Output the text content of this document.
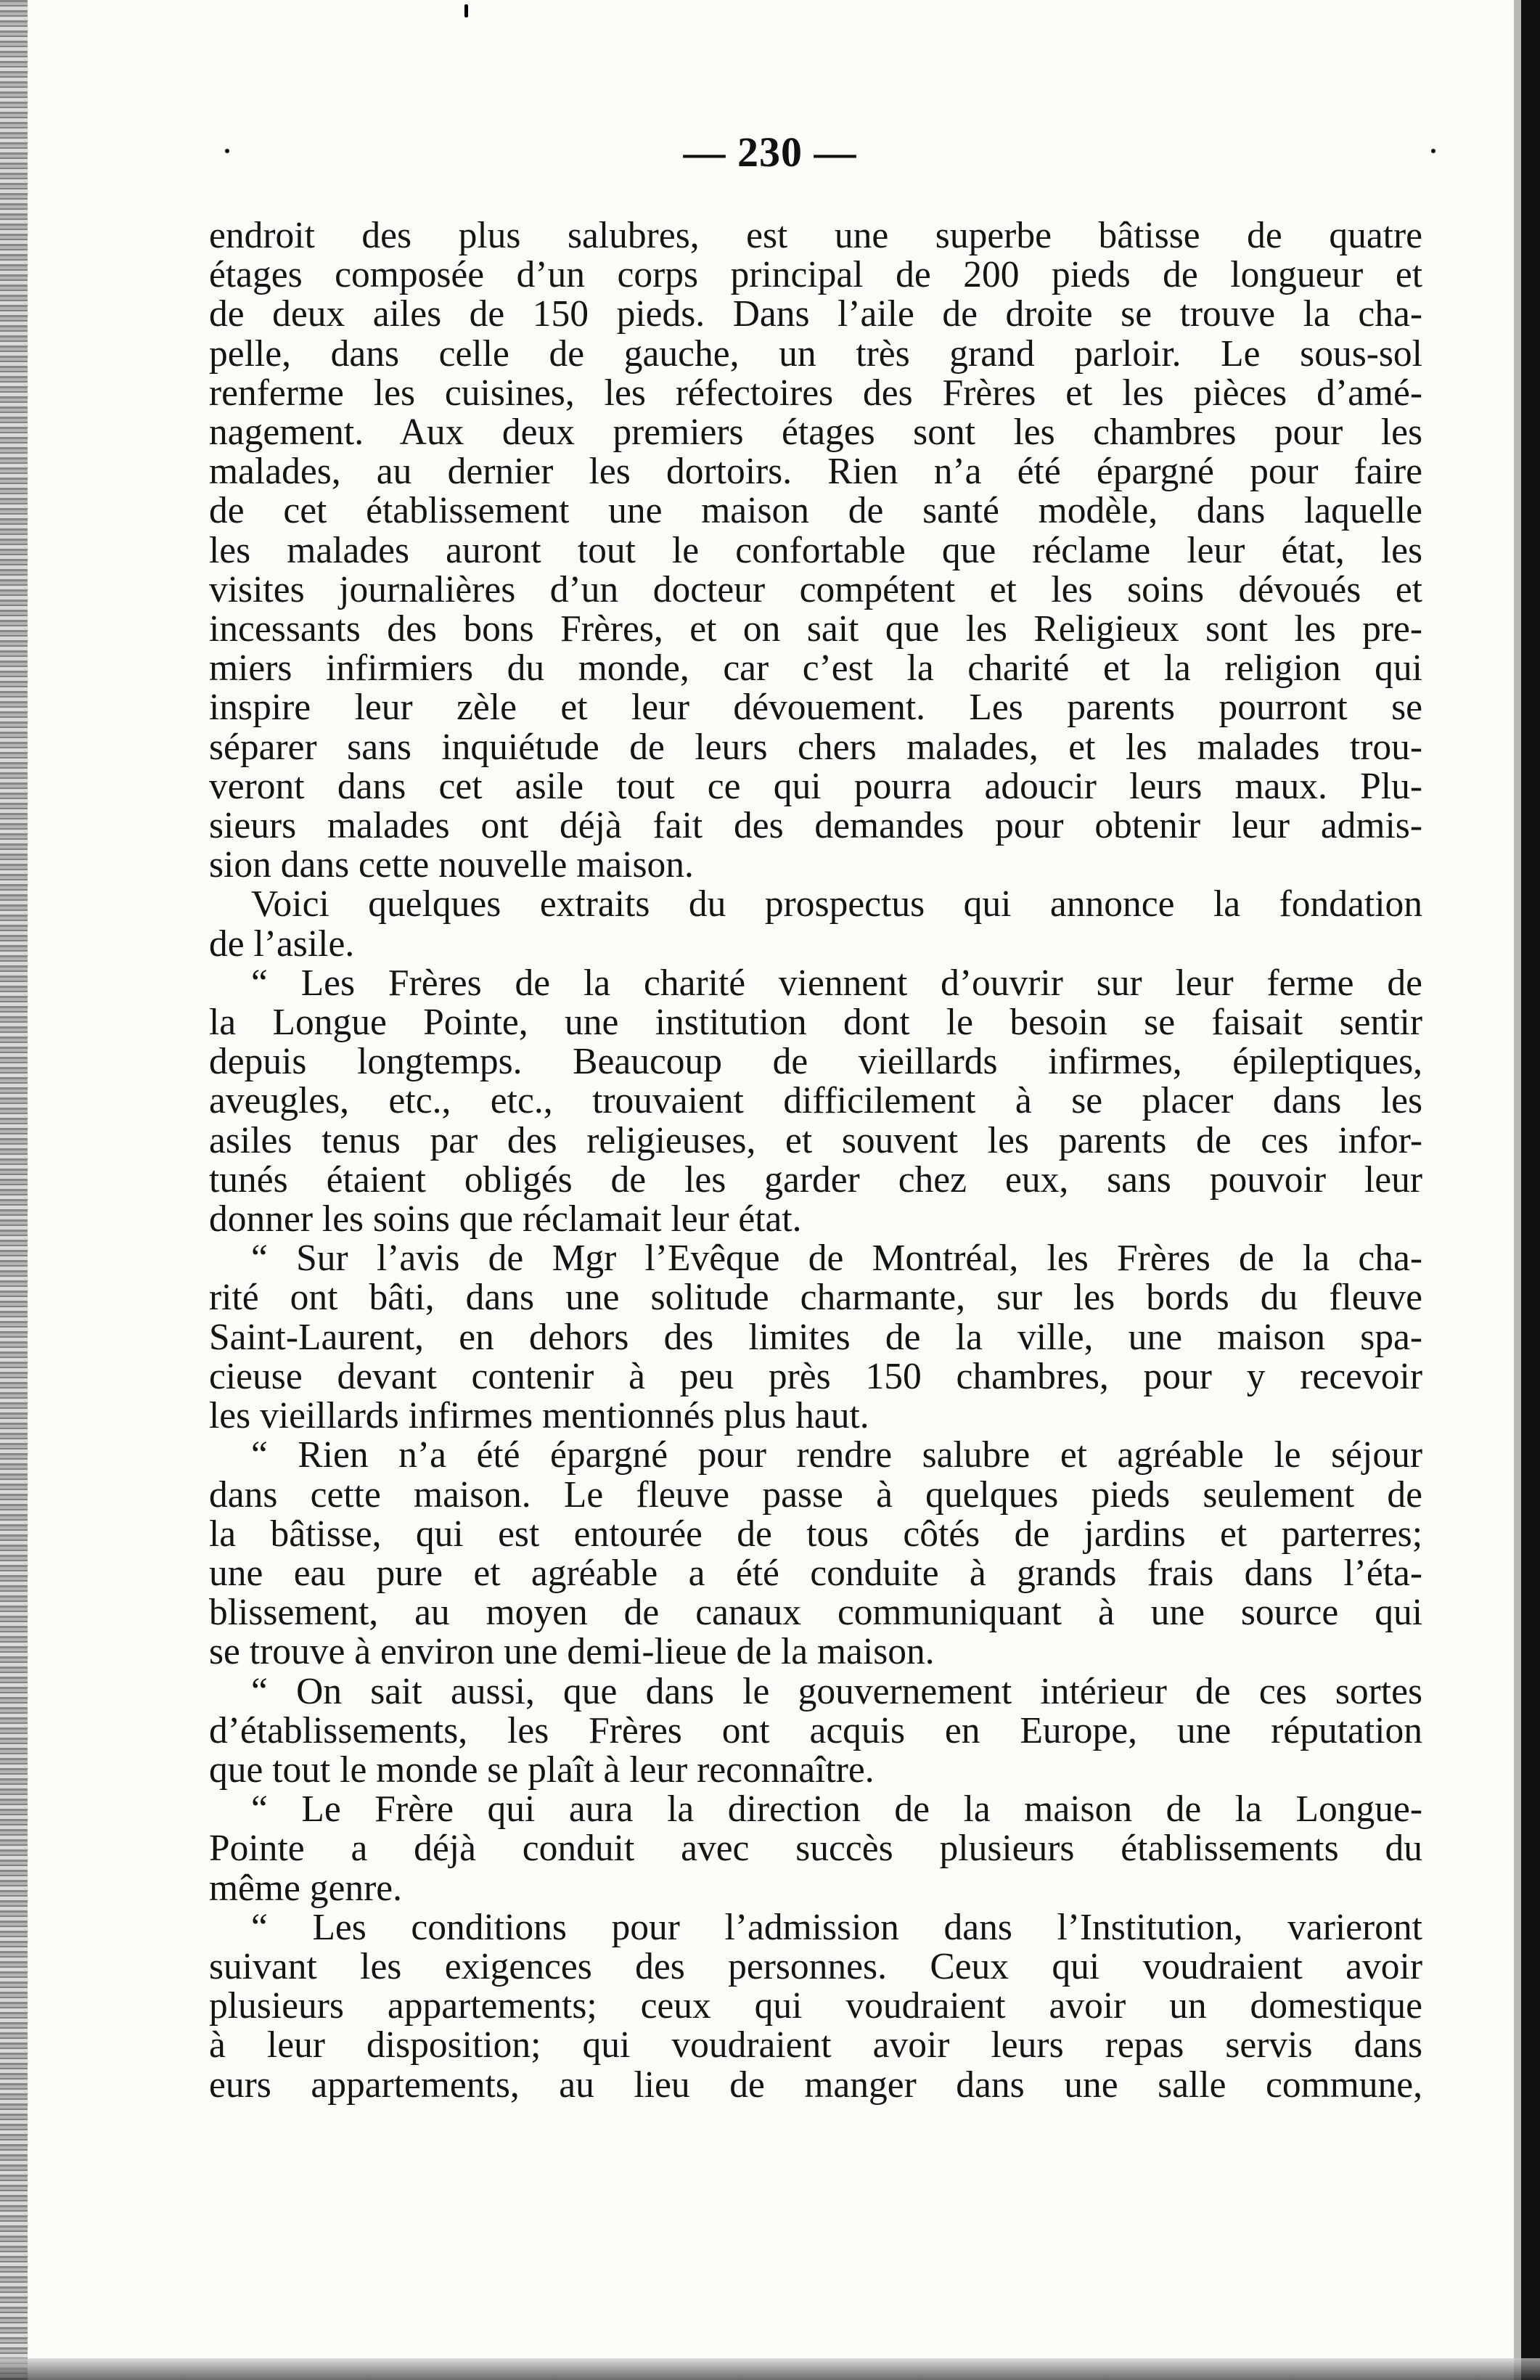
— 230 —
endroit des plus salubres, est une superbe bâtisse de quatre
étages composée d’un corps principal de 200 pieds de longueur et
de deux ailes de 150 pieds. Dans l’aile de droite se trouve la cha-
pelle, dans celle de gauche, un très grand parloir. Le sous-sol
renferme les cuisines, les réfectoires des Frères et les pièces d’amé-
nagement. Aux deux premiers étages sont les chambres pour les
malades, au dernier les dortoirs. Rien n’a été épargné pour faire
de cet établissement une maison de santé modèle, dans laquelle
les malades auront tout le confortable que réclame leur état, les
visites journalières d’un docteur compétent et les soins dévoués et
incessants des bons Frères, et on sait que les Religieux sont les pre-
miers infirmiers du monde, car c’est la charité et la religion qui
inspire leur zèle et leur dévouement. Les parents pourront se
séparer sans inquiétude de leurs chers malades, et les malades trou-
veront dans cet asile tout ce qui pourra adoucir leurs maux. Plu-
sieurs malades ont déjà fait des demandes pour obtenir leur admis-
sion dans cette nouvelle maison.
Voici quelques extraits du prospectus qui annonce la fondation
de l’asile.
“ Les Frères de la charité viennent d’ouvrir sur leur ferme de
la Longue Pointe, une institution dont le besoin se faisait sentir
depuis longtemps. Beaucoup de vieillards infirmes, épileptiques,
aveugles, etc., etc., trouvaient difficilement à se placer dans les
asiles tenus par des religieuses, et souvent les parents de ces infor-
tunés étaient obligés de les garder chez eux, sans pouvoir leur
donner les soins que réclamait leur état.
“ Sur l’avis de Mgr l’Evêque de Montréal, les Frères de la cha-
rité ont bâti, dans une solitude charmante, sur les bords du fleuve
Saint-Laurent, en dehors des limites de la ville, une maison spa-
cieuse devant contenir à peu près 150 chambres, pour y recevoir
les vieillards infirmes mentionnés plus haut.
“ Rien n’a été épargné pour rendre salubre et agréable le séjour
dans cette maison. Le fleuve passe à quelques pieds seulement de
la bâtisse, qui est entourée de tous côtés de jardins et parterres;
une eau pure et agréable a été conduite à grands frais dans l’éta-
blissement, au moyen de canaux communiquant à une source qui
se trouve à environ une demi-lieue de la maison.
“ On sait aussi, que dans le gouvernement intérieur de ces sortes
d’établissements, les Frères ont acquis en Europe, une réputation
que tout le monde se plaît à leur reconnaître.
“ Le Frère qui aura la direction de la maison de la Longue-
Pointe a déjà conduit avec succès plusieurs établissements du
même genre.
“ Les conditions pour l’admission dans l’Institution, varieront
suivant les exigences des personnes. Ceux qui voudraient avoir
plusieurs appartements; ceux qui voudraient avoir un domestique
à leur disposition; qui voudraient avoir leurs repas servis dans
eurs appartements, au lieu de manger dans une salle commune,
